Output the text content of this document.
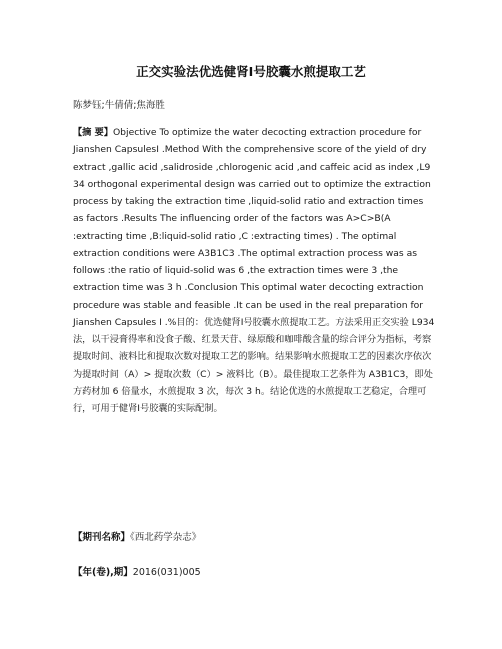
正交实验法优选健肾Ⅰ号胶囊水煎提取工艺
陈梦钰;牛倩倩;焦海胜

【摘 要】Objective To optimize the water decocting extraction procedure for Jianshen CapsulesⅠ .Method With the comprehensive score of the yield of dry extract ,gallic acid ,salidroside ,chlorogenic acid ,and caffeic acid as index ,L9 34 orthogonal experimental design was carried out to optimize the extraction process by taking the extraction time ,liquid-solid ratio and extraction times as factors .Results The influencing order of the factors was A>C>B(A :extracting time ,B:liquid-solid ratio ,C :extracting times) . The optimal extraction conditions were A3B1C3 .The optimal extraction process was as follows :the ratio of liquid-solid was 6 ,the extraction times were 3 ,the extraction time was 3 h .Conclusion This optimal water decocting extraction procedure was stable and feasible .It can be used in the real preparation for Jianshen Capsules Ⅰ .%目的：优选健肾Ⅰ号胶囊水煎提取工艺。方法采用正交实验 L934 法，以干浸膏得率和没食子酸、红景天苷、绿原酸和咖啡酸含量的综合评分为指标，考察提取时间、液料比和提取次数对提取工艺的影响。结果影响水煎提取工艺的因素次序依次为提取时间（A）> 提取次数（C）> 液料比（B）。最佳提取工艺条件为 A3B1C3，即处方药材加 6 倍量水，水煎提取 3 次，每次 3 h。结论优选的水煎提取工艺稳定，合理可行，可用于健肾Ⅰ号胶囊的实际配制。

【期刊名称】《西北药学杂志》
【年(卷),期】2016(031)005
